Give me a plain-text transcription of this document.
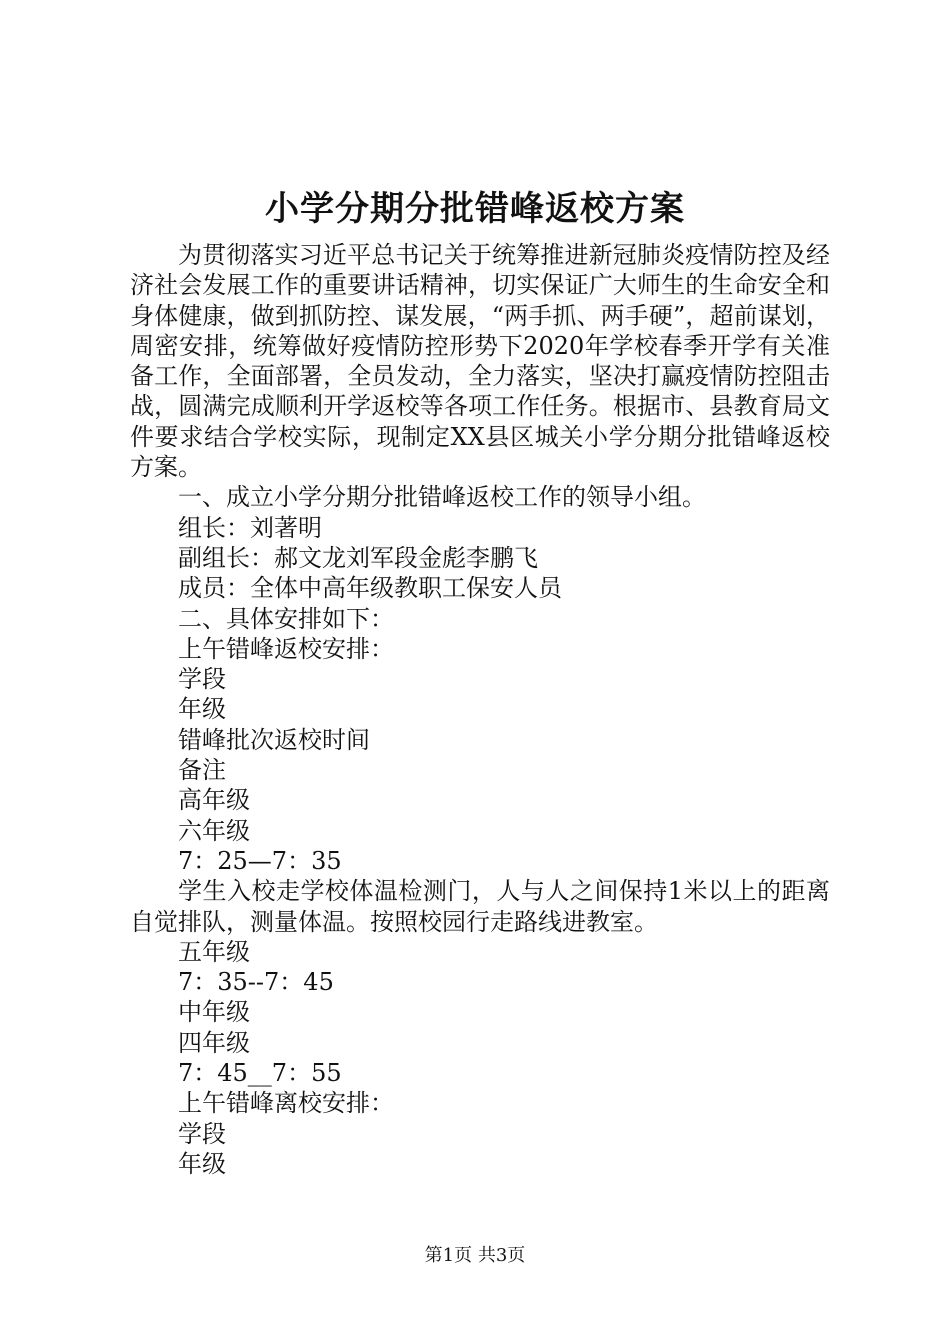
小学分期分批错峰返校方案

为贯彻落实习近平总书记关于统筹推进新冠肺炎疫情防控及经济社会发展工作的重要讲话精神，切实保证广大师生的生命安全和身体健康，做到抓防控、谋发展，“两手抓、两手硬”，超前谋划，周密安排，统筹做好疫情防控形势下2020年学校春季开学有关准备工作，全面部署，全员发动，全力落实，坚决打赢疫情防控阻击战，圆满完成顺利开学返校等各项工作任务。根据市、县教育局文件要求结合学校实际，现制定XX县区城关小学分期分批错峰返校方案。

一、成立小学分期分批错峰返校工作的领导小组。

组长：刘著明

副组长：郝文龙刘军段金彪李鹏飞

成员：全体中高年级教职工保安人员

二、具体安排如下：

上午错峰返校安排：

学段

年级

错峰批次返校时间

备注

高年级

六年级

7：25—7：35

学生入校走学校体温检测门，人与人之间保持1米以上的距离自觉排队，测量体温。按照校园行走路线进教室。

五年级

7：35--7：45

中年级

四年级

7：45__7：55

上午错峰离校安排：

学段

年级

第1页 共3页
